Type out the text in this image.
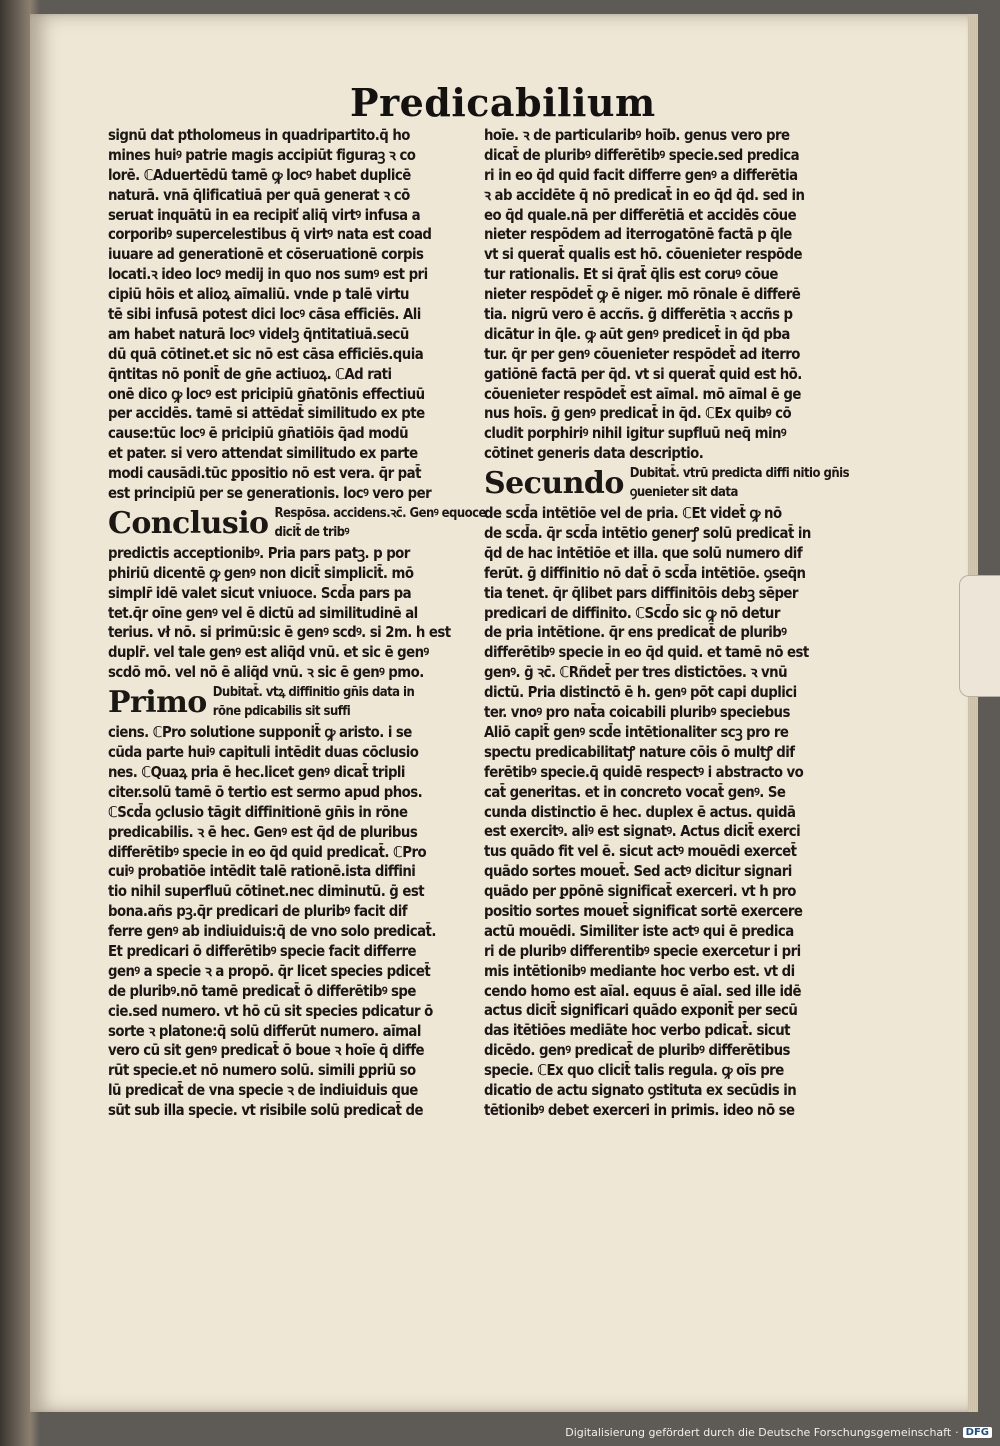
Predicabilium
signū dat ptholomeus in quadripartito.q̄ ho
mines huiꝰ patrie magis accipiūt figuraꝫ ꝛ co
lorē. ℂAduertēdū tamē ꝙ locꝰ habet duplicē
naturā. vnā q̄lificatiuā per quā generat ꝛ cō
seruat inquātū in ea recipiť aliq̄ virtꝰ infusa a
corporibꝰ supercelestibus q̄ virtꝰ nata est coad
iuuare ad generationē et cōseruationē corpis
locati.ꝛ ideo locꝰ medij in quo nos sumꝰ est pri
cipiū hōis et alioꝝ aīmaliū. vnde p talē virtu
tē sibi infusā potest dici locꝰ cāsa efficiēs. Ali
am habet naturā locꝰ videlꝫ q̄ntitatiuā.secū
dū quā cōtinet.et sic nō est cāsa efficiēs.quia
q̄ntitas nō ponit̄ de gn̄e actiuoꝝ. ℂAd rati
onē dico ꝙ locꝰ est pricipiū gn̄atōnis effectiuū
per accidēs. tamē si attēdat̄ similitudo ex pte
cause:tūc locꝰ ē pricipiū gn̄atiōis q̄ad modū
et pater. si vero attendat similitudo ex parte
modi causādi.tūc ꝑpositio nō est vera. q̄r pat̄
est principiū per se generationis. locꝰ vero per
Conclusio Respōsa. accidens.ꝛc̄. Genꝰ equoce dicit̄ de tribꝰ
predictis acceptionibꝰ. Pria pars patꝫ. p por
phiriū dicentē ꝙ genꝰ non dicit̄ simplicit̄. mō
simplr̄ idē valet sicut vniuoce. Scd̄a pars pa
tet.q̄r oīne genꝰ vel ē dictū ad similitudinē al
terius. vł nō. si primū:sic ē genꝰ scdꝰ. si 2m. h est
duplr̄. vel tale genꝰ est aliq̄d vnū. et sic ē genꝰ
scdō mō. vel nō ē aliq̄d vnū. ꝛ sic ē genꝰ pmo.
Primo Dubitat̄. vtꝝ diffinitio gn̄is data in rōne pdicabilis sit suffi
ciens. ℂPro solutione supponit̄ ꝙ aristo. i se
cūda parte huiꝰ capituli intēdit duas cōclusio
nes. ℂQuaꝝ pria ē hec.licet genꝰ dicat̄ tripli
citer.solū tamē ō tertio est sermo apud phos.
ℂScd̄a ꝯclusio tāgit diffinitionē gn̄is in rōne
predicabilis. ꝛ ē hec. Genꝰ est q̄d de pluribus
differētibꝰ specie in eo q̄d quid predicat̄. ℂPro
cuiꝰ probatiōe intēdit talē rationē.ista diffini
tio nihil superfluū cōtinet.nec diminutū. ḡ est
bona.añs pꝫ.q̄r predicari de pluribꝰ facit dif
ferre genꝰ ab indiuiduis:q̄ de vno solo predicat̄.
Et predicari ō differētibꝰ specie facit differre
genꝰ a specie ꝛ a propō. q̄r licet species pdicet̄
de pluribꝰ.nō tamē predicat̄ ō differētibꝰ spe
cie.sed numero. vt hō cū sit species pdicatur ō
sorte ꝛ platone:q̄ solū differūt numero. aīmal
vero cū sit genꝰ predicat̄ ō boue ꝛ hoīe q̄ diffe
rūt specie.et nō numero solū. simili ꝑpriū so
lū predicat̄ de vna specie ꝛ de indiuiduis que
sūt sub illa specie. vt risibile solū predicat̄ de
hoīe. ꝛ de particularibꝰ hoīb. genus vero pre
dicat̄ de pluribꝰ differētibꝰ specie.sed predica
ri in eo q̄d quid facit differre genꝰ a differētia
ꝛ ab accidēte q̄ nō predicat̄ in eo q̄d q̄d. sed in
eo q̄d quale.nā per differētiā et accidēs cōue
nieter respōdem ad iterrogatōnē factā p q̄le
vt si querat̄ qualis est hō. cōuenieter respōde
tur rationalis. Et si q̄rat̄ q̄lis est coruꝰ cōue
nieter respōdet̄ ꝙ ē niger. mō rōnale ē differē
tia. nigrū vero ē accñs. ḡ differētia ꝛ accñs p
dicātur in q̄le. ꝙ aūt genꝰ predicet̄ in q̄d pba
tur. q̄r per genꝰ cōuenieter respōdet̄ ad iterro
gatiōnē factā per q̄d. vt si querat̄ quid est hō.
cōuenieter respōdet̄ est aīmal. mō aīmal ē ge
nus hoīs. ḡ genꝰ predicat̄ in q̄d. ℂEx quibꝰ cō
cludit porphiriꝰ nihil igitur supfluū neq̄ minꝰ
cōtinet generis data descriptio.
Secundo Dubitat̄. vtrū predicta diffi nitio gn̄is ꝯuenieter sit data
de scd̄a intētiōe vel de pria. ℂEt videt̄ ꝙ nō
de scd̄a. q̄r scd̄a intētio generꝭ solū predicat̄ in
q̄d de hac intētiōe et illa. que solū numero dif
ferūt. ḡ diffinitio nō dat̄ ō scd̄a intētiōe. ꝯseq̄n
tia tenet. q̄r q̄libet pars diffinitōis debꝫ sēper
predicari de diffinito. ℂScd̄o sic ꝙ nō detur
de pria intētione. q̄r ens predicat̄ de pluribꝰ
differētibꝰ specie in eo q̄d quid. et tamē nō est
genꝰ. ḡ ꝛc̄. ℂRñdet̄ per tres distictōes. ꝛ vnū
dictū. Pria distinctō ē h. genꝰ pōt capi duplici
ter. vnoꝰ pro nat̄a coicabili pluribꝰ speciebus
Aliō capit̄ genꝰ scd̄e intētionaliter scꝫ pro re
spectu predicabilitatꝭ nature cōis ō multꝭ dif
ferētibꝰ specie.q̄ quidē respectꝰ i abstracto vo
cat̄ generitas. et in concreto vocat̄ genꝰ. Se
cunda distinctio ē hec. duplex ē actus. quidā
est exercitꝰ. aliꝰ est signatꝰ. Actus dicit̄ exerci
tus quādo fit vel ē. sicut actꝰ mouēdi exercet̄
quādo sortes mouet̄. Sed actꝰ dicitur signari
quādo per ꝑpōnē significat̄ exerceri. vt h pro
positio sortes mouet̄ significat sortē exercere
actū mouēdi. Similiter iste actꝰ qui ē predica
ri de pluribꝰ differentibꝰ specie exercetur i pri
mis intētionibꝰ mediante hoc verbo est. vt di
cendo homo est aīal. equus ē aīal. sed ille idē
actus dicit̄ significari quādo exponit̄ per secū
das itētiōes mediāte hoc verbo pdicat̄. sicut
dicēdo. genꝰ predicat̄ de pluribꝰ differētibus
specie. ℂEx quo clicit̄ talis regula. ꝙ oīs pre
dicatio de actu signato ꝯstituta ex secūdis in
tētionibꝰ debet exerceri in primis. ideo nō se
Digitalisierung gefördert durch die Deutsche Forschungsgemeinschaft · DFG
